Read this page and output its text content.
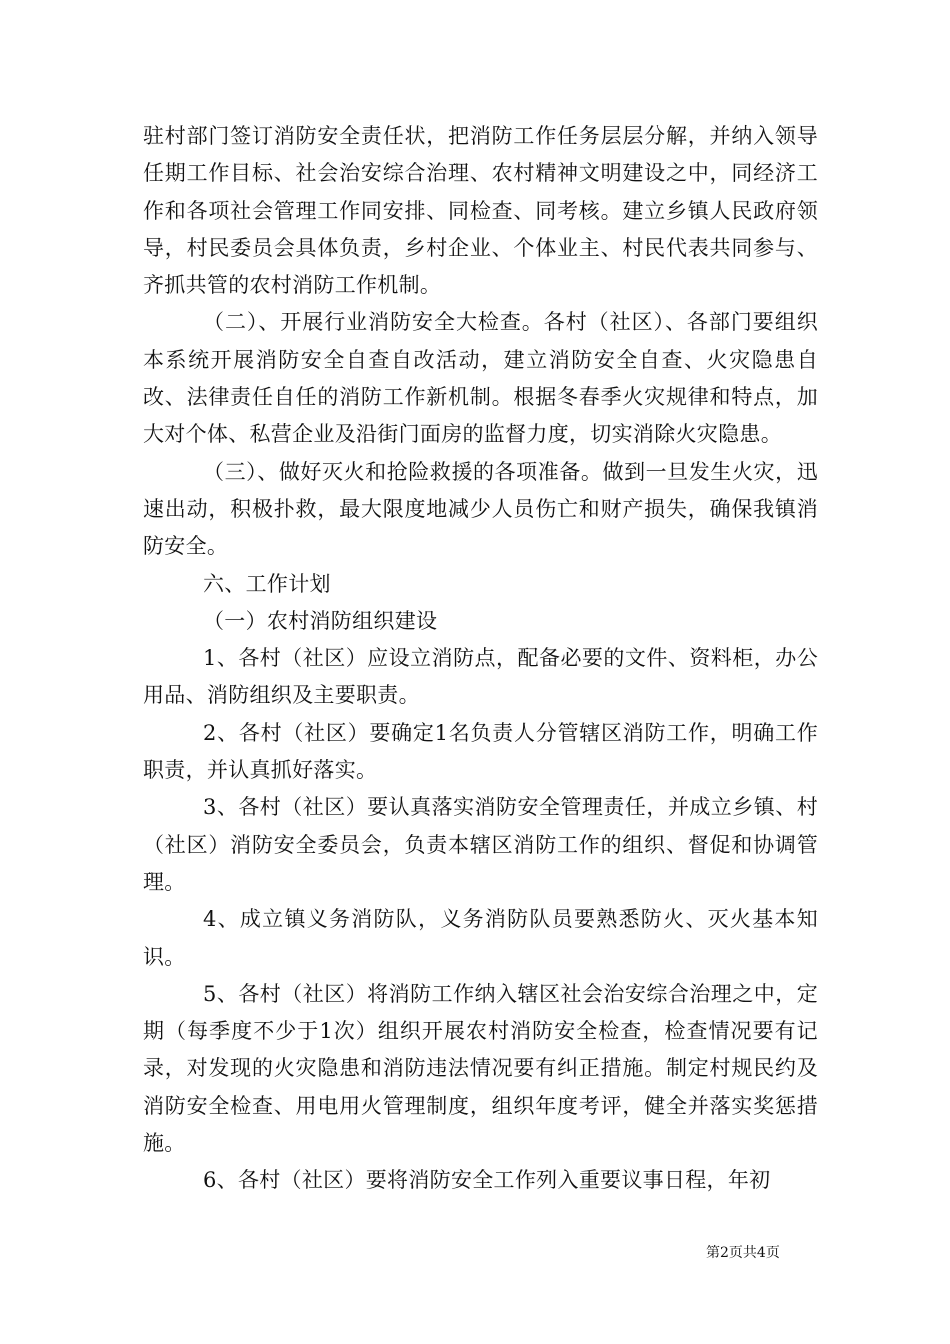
驻村部门签订消防安全责任状，把消防工作任务层层分解，并纳入领导任期工作目标、社会治安综合治理、农村精神文明建设之中，同经济工作和各项社会管理工作同安排、同检查、同考核。建立乡镇人民政府领导，村民委员会具体负责，乡村企业、个体业主、村民代表共同参与、齐抓共管的农村消防工作机制。

（二）、开展行业消防安全大检查。各村（社区）、各部门要组织本系统开展消防安全自查自改活动，建立消防安全自查、火灾隐患自改、法律责任自任的消防工作新机制。根据冬春季火灾规律和特点，加大对个体、私营企业及沿街门面房的监督力度，切实消除火灾隐患。

（三）、做好灭火和抢险救援的各项准备。做到一旦发生火灾，迅速出动，积极扑救，最大限度地减少人员伤亡和财产损失，确保我镇消防安全。

六、工作计划

（一）农村消防组织建设

1、各村（社区）应设立消防点，配备必要的文件、资料柜，办公用品、消防组织及主要职责。

2、各村（社区）要确定1名负责人分管辖区消防工作，明确工作职责，并认真抓好落实。

3、各村（社区）要认真落实消防安全管理责任，并成立乡镇、村（社区）消防安全委员会，负责本辖区消防工作的组织、督促和协调管理。

4、成立镇义务消防队，义务消防队员要熟悉防火、灭火基本知识。

5、各村（社区）将消防工作纳入辖区社会治安综合治理之中，定期（每季度不少于1次）组织开展农村消防安全检查，检查情况要有记录，对发现的火灾隐患和消防违法情况要有纠正措施。制定村规民约及消防安全检查、用电用火管理制度，组织年度考评，健全并落实奖惩措施。

6、各村（社区）要将消防安全工作列入重要议事日程，年初

第2页共4页
